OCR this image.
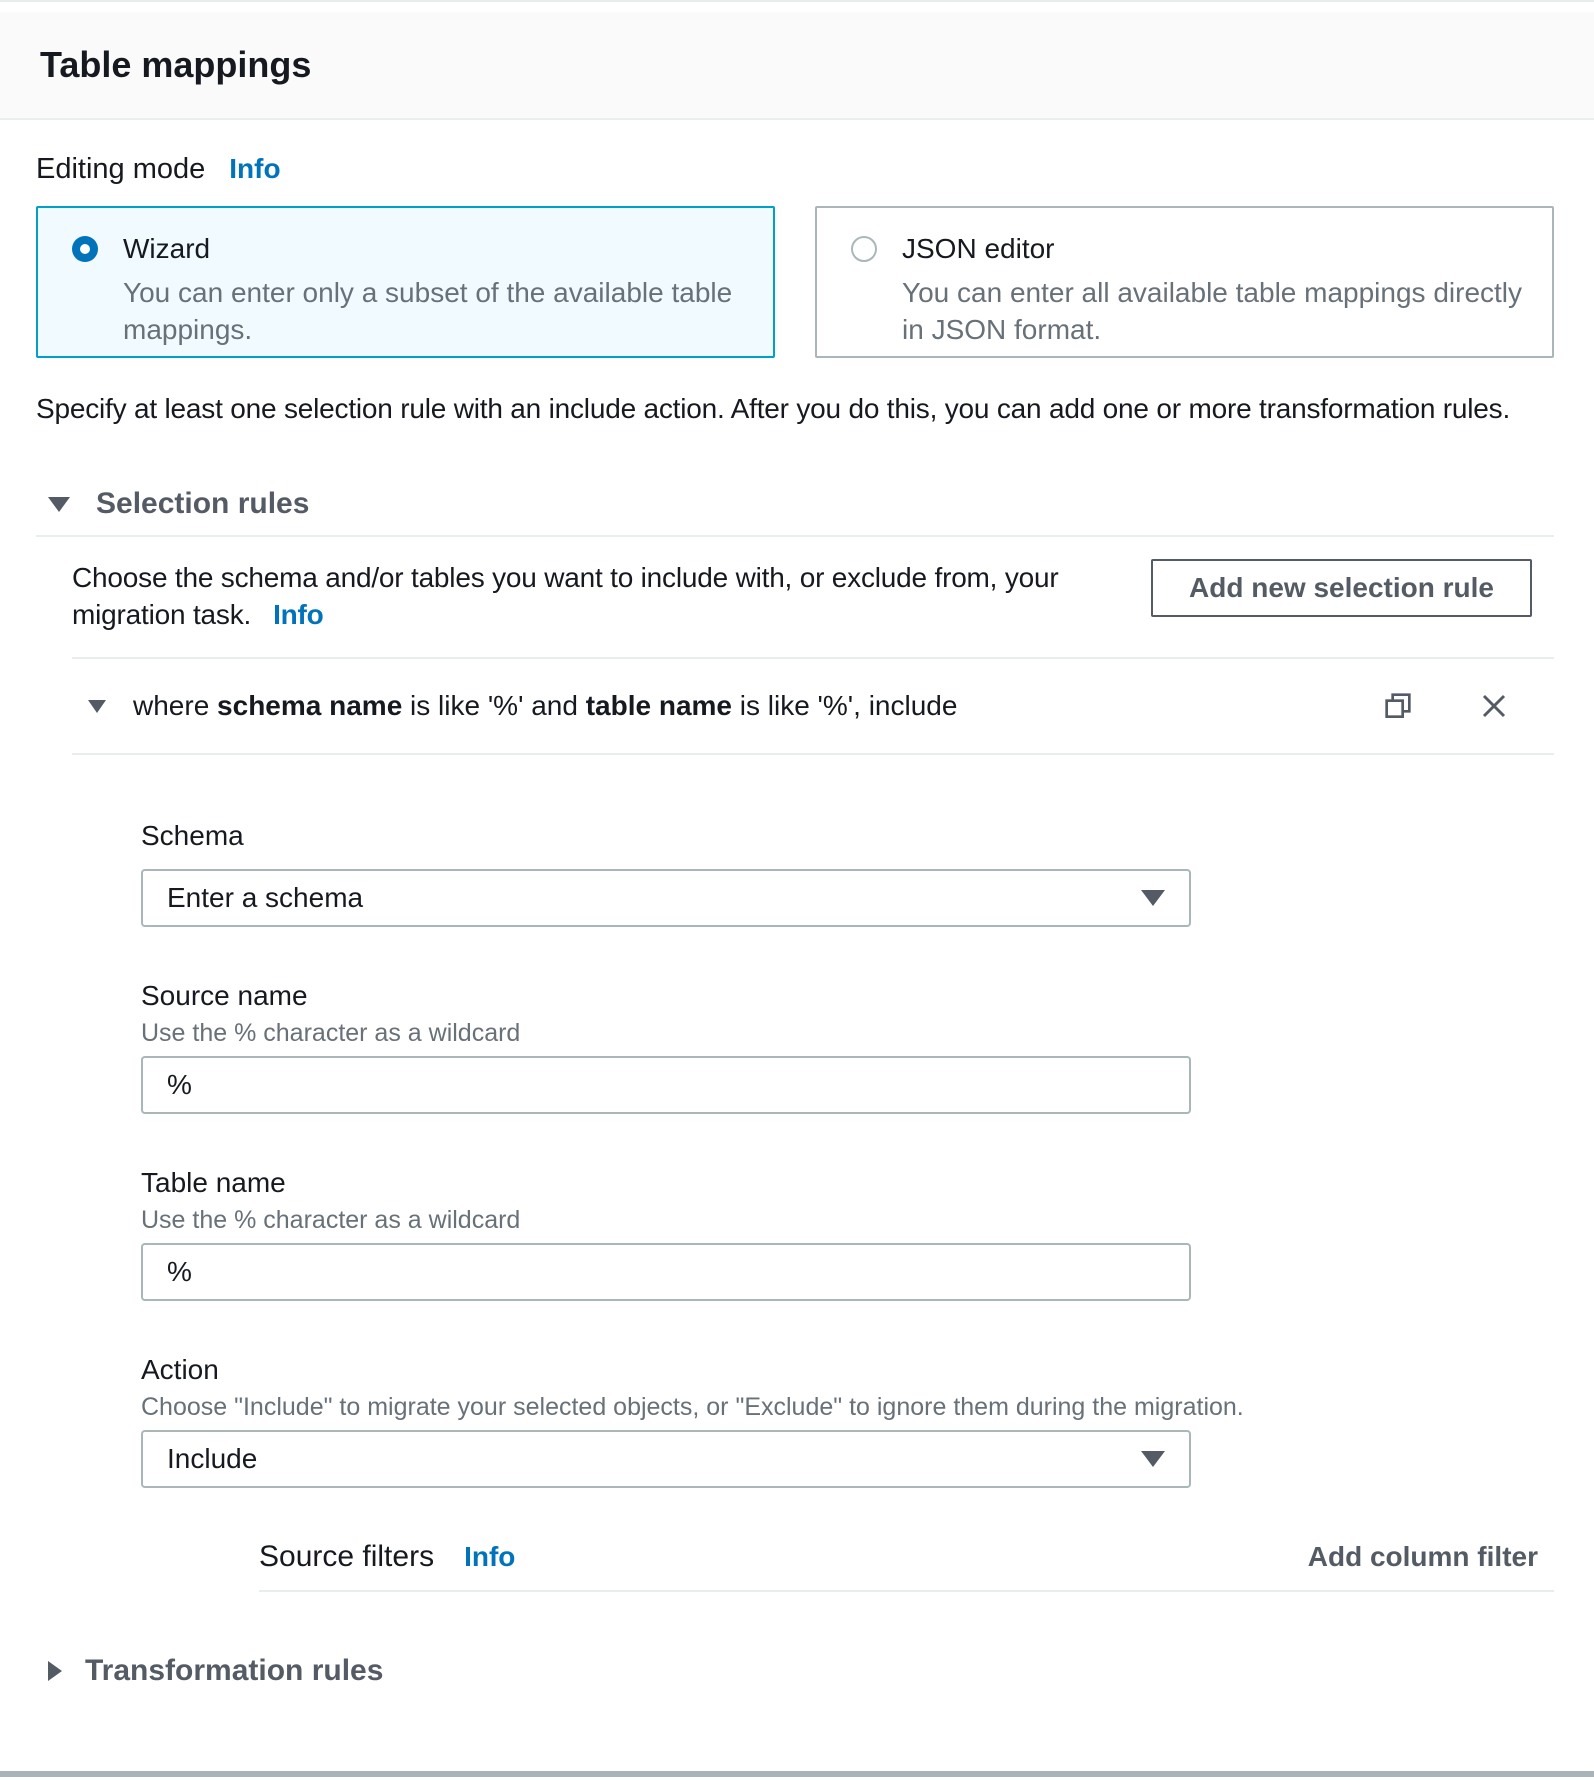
Table mappings
Editing mode Info
Wizard
You can enter only a subset of the available table mappings.
JSON editor
You can enter all available table mappings directly in JSON format.

Specify at least one selection rule with an include action. After you do this, you can add one or more transformation rules.

Selection rules
Choose the schema and/or tables you want to include with, or exclude from, your migration task. Info
Add new selection rule
where schema name is like '%' and table name is like '%', include
Schema
Enter a schema
Source name
Use the % character as a wildcard
%
Table name
Use the % character as a wildcard
%
Action
Choose "Include" to migrate your selected objects, or "Exclude" to ignore them during the migration.
Include
Source filters Info	Add column filter
Transformation rules
